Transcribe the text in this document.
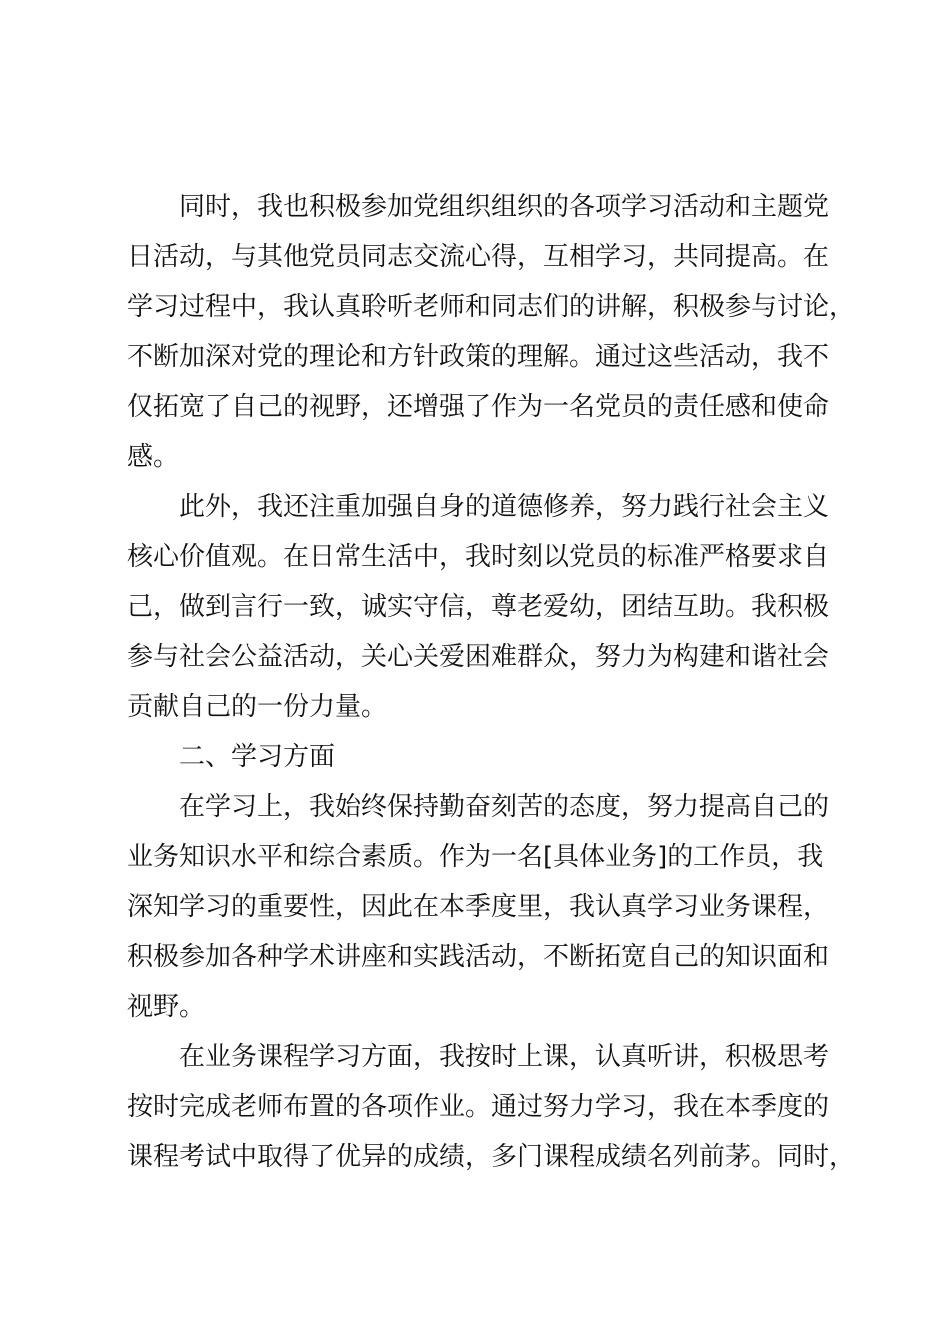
同时，我也积极参加党组织组织的各项学习活动和主题党
日活动，与其他党员同志交流心得，互相学习，共同提高。在
学习过程中，我认真聆听老师和同志们的讲解，积极参与讨论，
不断加深对党的理论和方针政策的理解。通过这些活动，我不
仅拓宽了自己的视野，还增强了作为一名党员的责任感和使命
感。

此外，我还注重加强自身的道德修养，努力践行社会主义
核心价值观。在日常生活中，我时刻以党员的标准严格要求自
己，做到言行一致，诚实守信，尊老爱幼，团结互助。我积极
参与社会公益活动，关心关爱困难群众，努力为构建和谐社会
贡献自己的一份力量。

二、学习方面

在学习上，我始终保持勤奋刻苦的态度，努力提高自己的
业务知识水平和综合素质。作为一名[具体业务]的工作员，我
深知学习的重要性，因此在本季度里，我认真学习业务课程，
积极参加各种学术讲座和实践活动，不断拓宽自己的知识面和
视野。

在业务课程学习方面，我按时上课，认真听讲，积极思考
按时完成老师布置的各项作业。通过努力学习，我在本季度的
课程考试中取得了优异的成绩，多门课程成绩名列前茅。同时，
